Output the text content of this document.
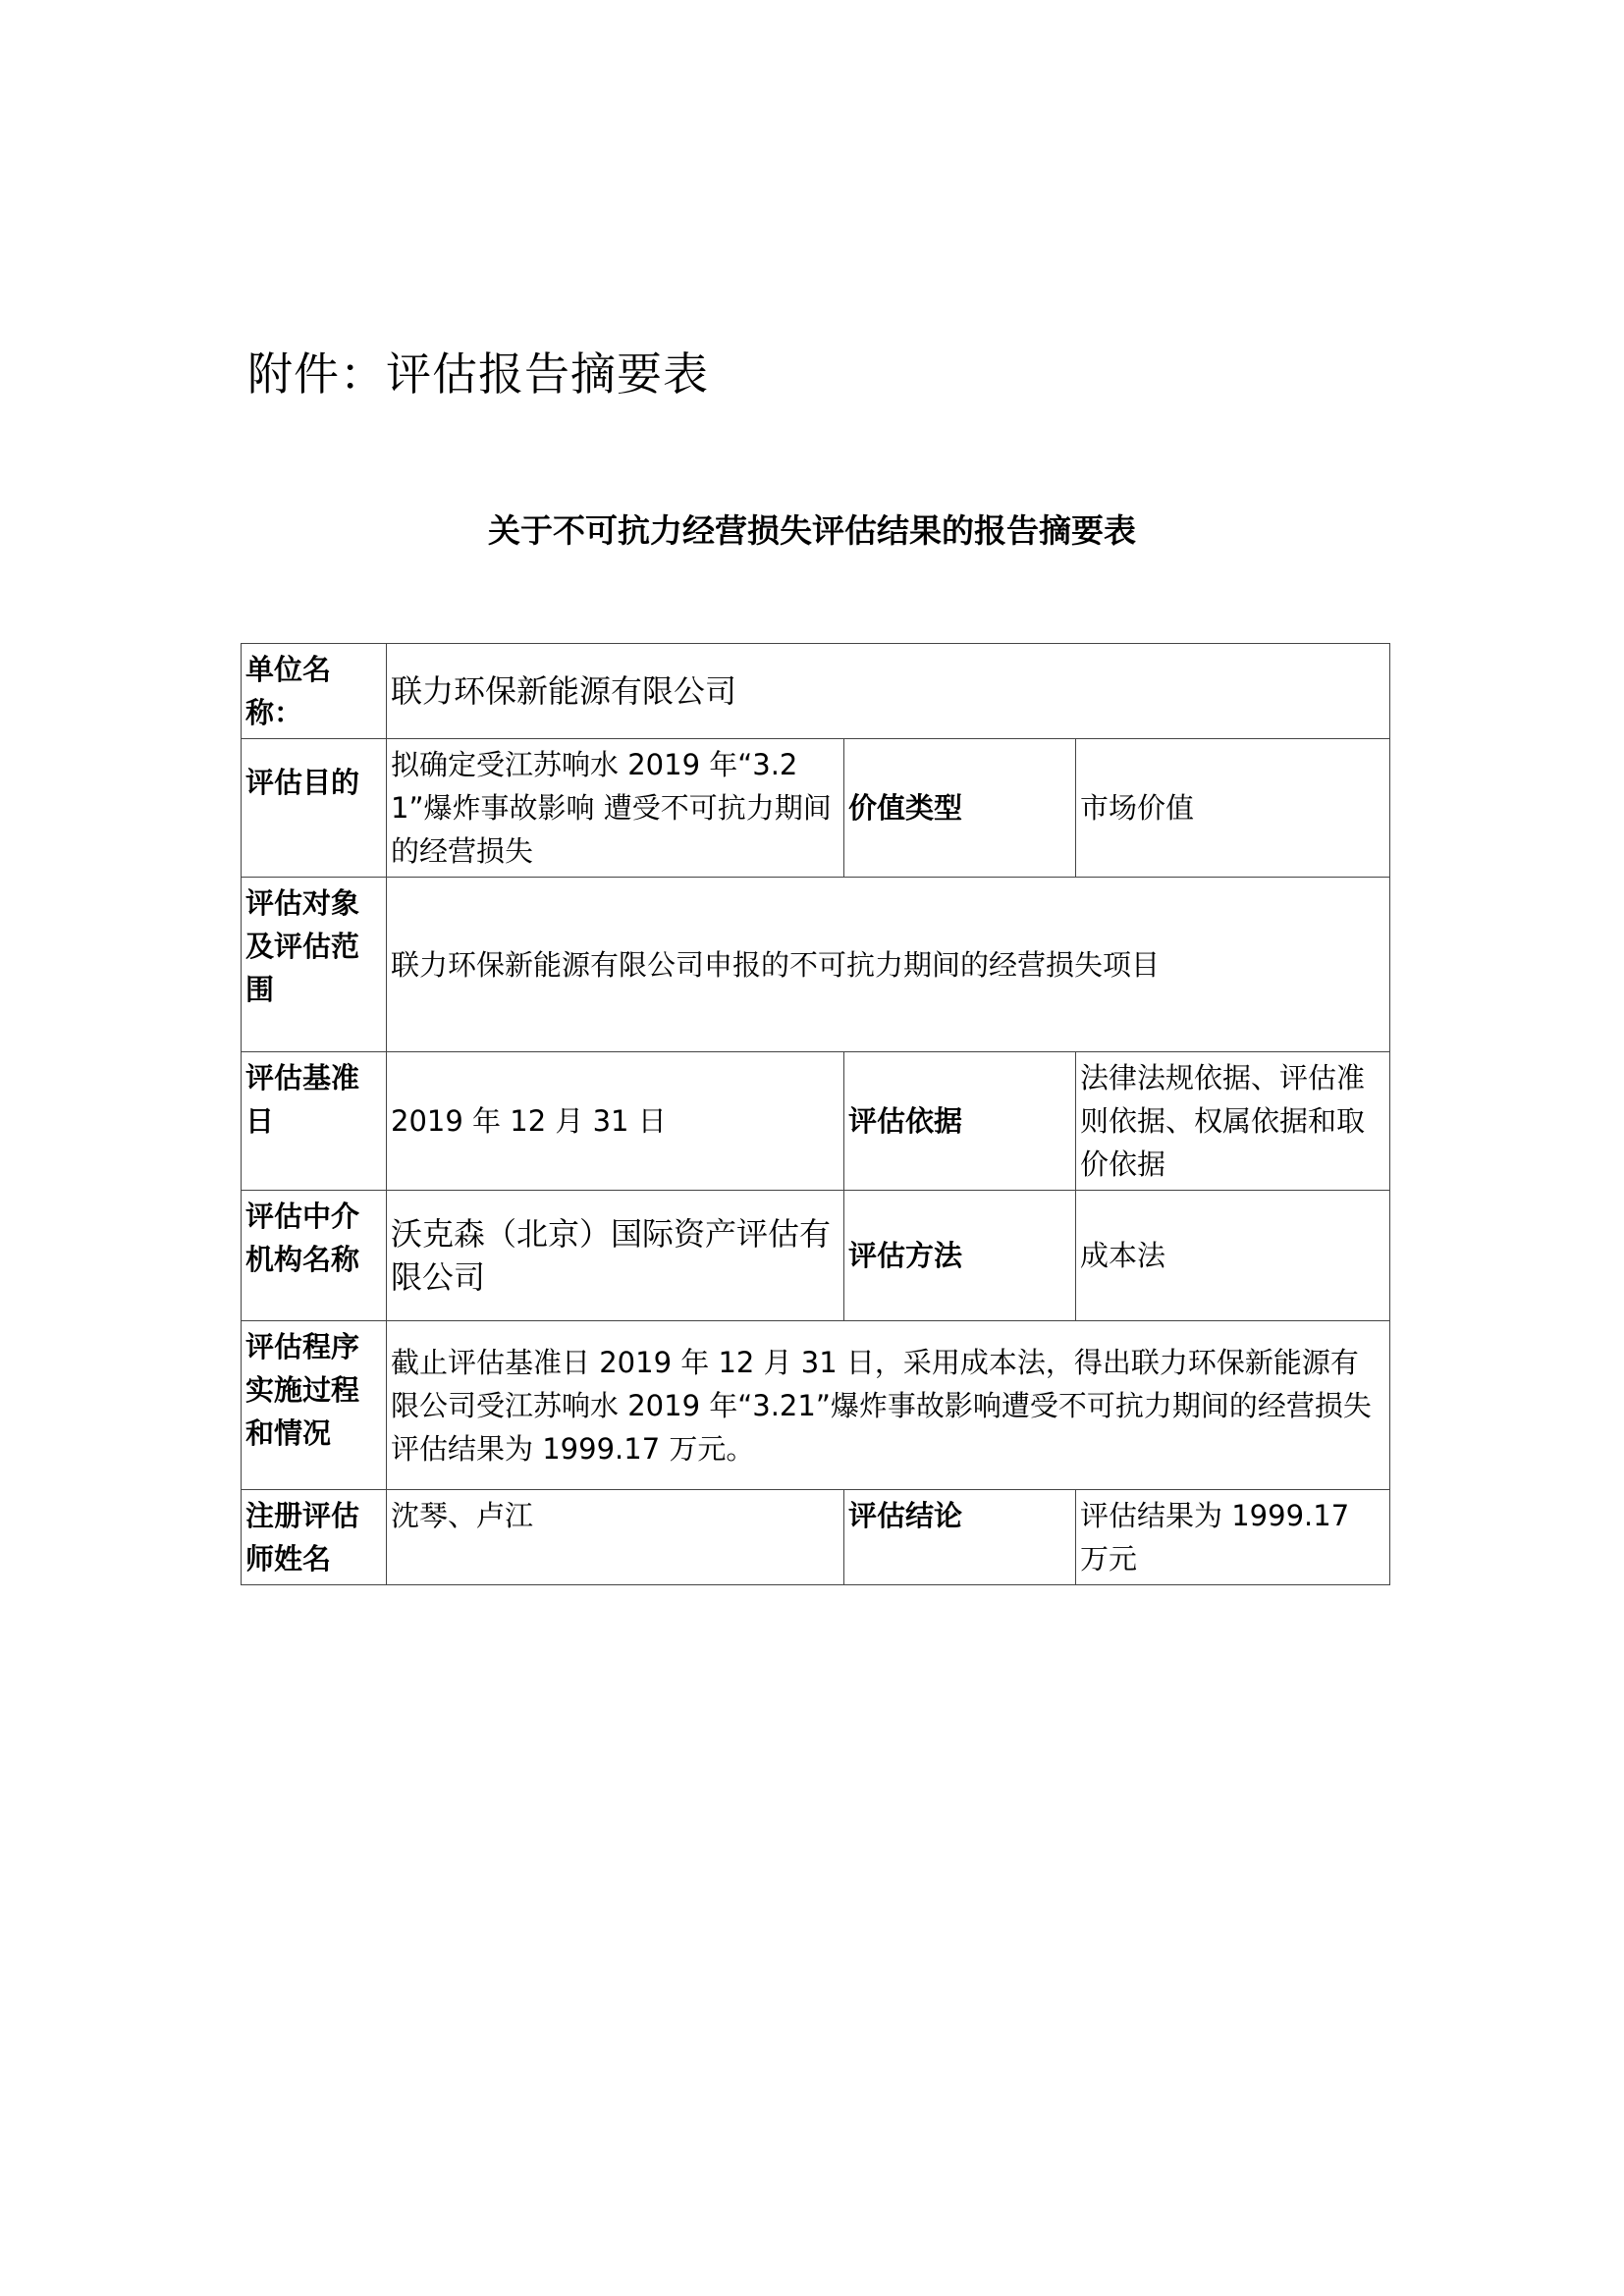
附件：评估报告摘要表
关于不可抗力经营损失评估结果的报告摘要表
单位名称：	联力环保新能源有限公司		
评估目的	拟确定受江苏响水 2019 年“3.21”爆炸事故影响 遭受不可抗力期间的经营损失	价值类型	市场价值
评估对象及评估范围	联力环保新能源有限公司申报的不可抗力期间的经营损失项目		
评估基准日	2019 年 12 月 31 日	评估依据	法律法规依据、评估准则依据、权属依据和取价依据
评估中介机构名称	沃克森（北京）国际资产评估有限公司	评估方法	成本法
评估程序实施过程和情况	截止评估基准日 2019 年 12 月 31 日，采用成本法，得出联力环保新能源有限公司受江苏响水 2019 年“3.21”爆炸事故影响遭受不可抗力期间的经营损失评估结果为 1999.17 万元。		
注册评估师姓名	沈琴、卢江	评估结论	评估结果为 1999.17 万元
